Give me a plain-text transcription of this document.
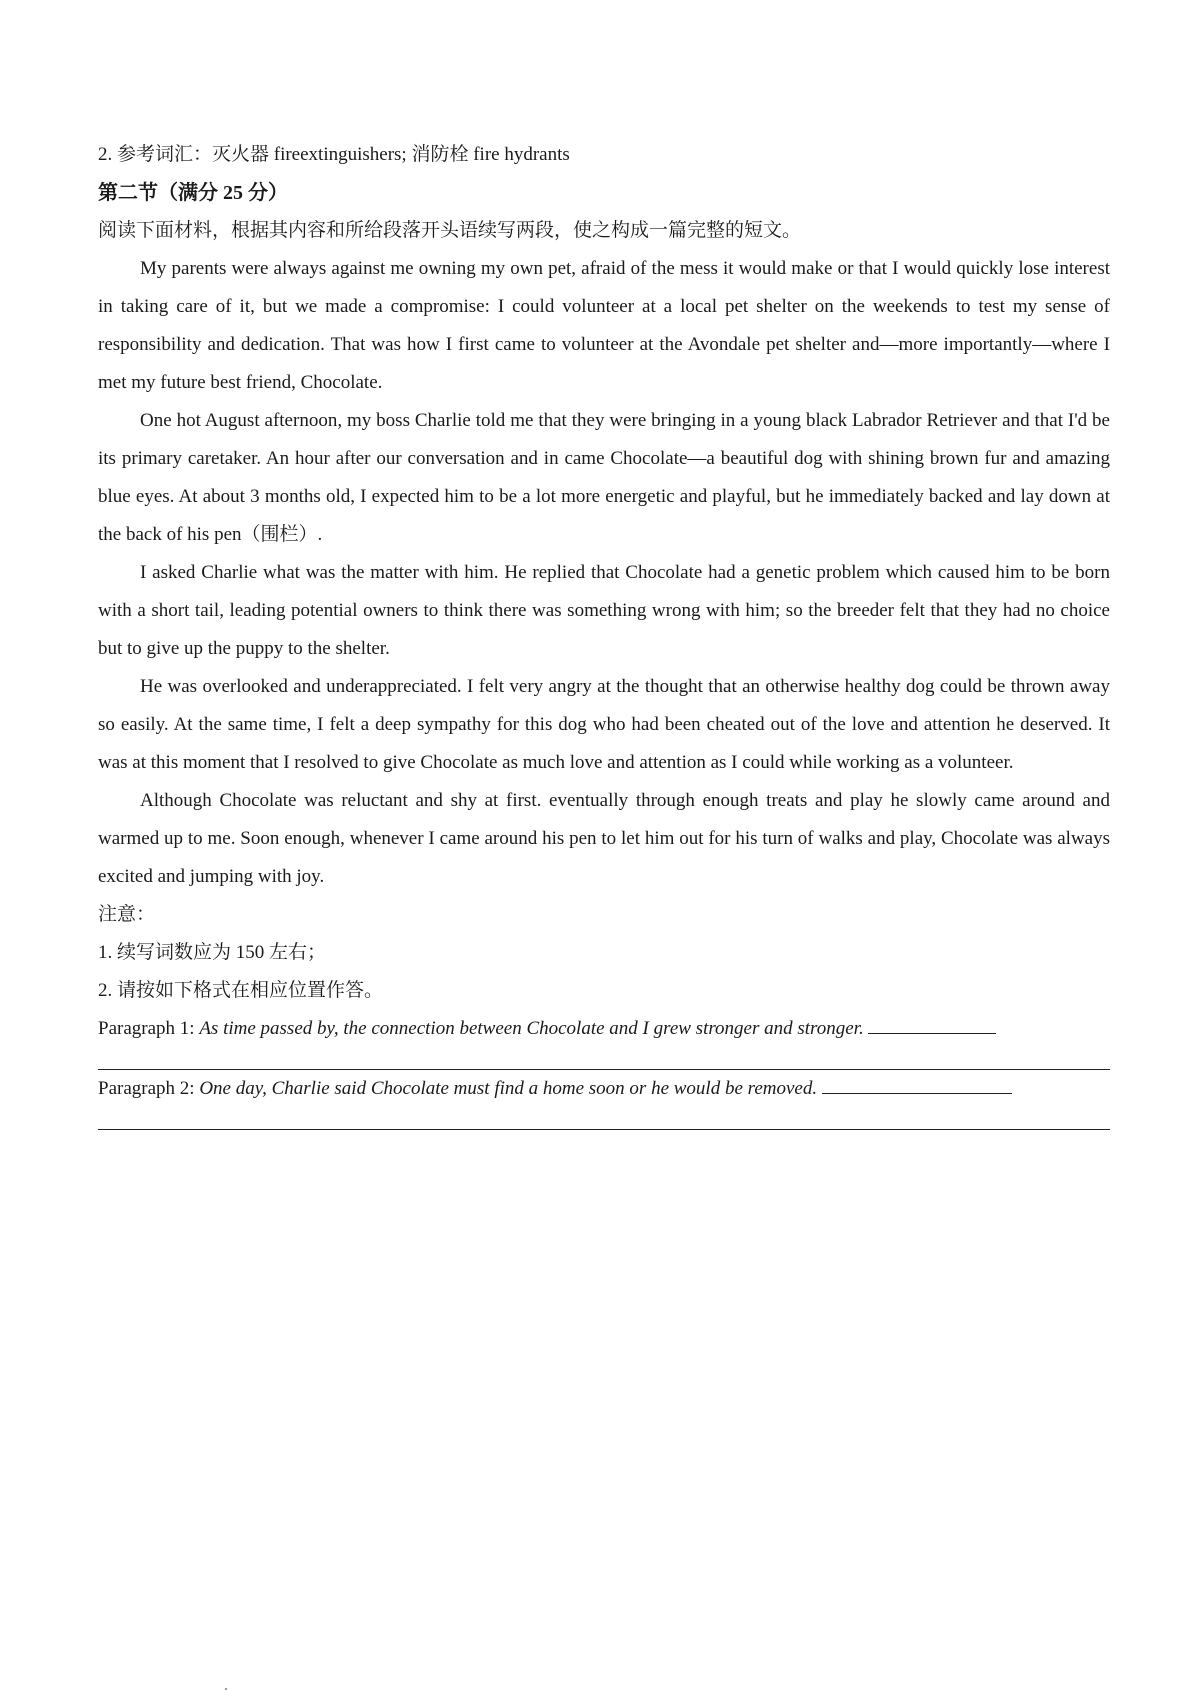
2. 参考词汇：灭火器 fireextinguishers; 消防栓 fire hydrants

第二节（满分 25 分）

阅读下面材料，根据其内容和所给段落开头语续写两段，使之构成一篇完整的短文。

My parents were always against me owning my own pet, afraid of the mess it would make or that I would quickly lose interest in taking care of it, but we made a compromise: I could volunteer at a local pet shelter on the weekends to test my sense of responsibility and dedication. That was how I first came to volunteer at the Avondale pet shelter and—more importantly—where I met my future best friend, Chocolate.

One hot August afternoon, my boss Charlie told me that they were bringing in a young black Labrador Retriever and that I'd be its primary caretaker. An hour after our conversation and in came Chocolate—a beautiful dog with shining brown fur and amazing blue eyes. At about 3 months old, I expected him to be a lot more energetic and playful, but he immediately backed and lay down at the back of his pen（围栏）.

I asked Charlie what was the matter with him. He replied that Chocolate had a genetic problem which caused him to be born with a short tail, leading potential owners to think there was something wrong with him; so the breeder felt that they had no choice but to give up the puppy to the shelter.

He was overlooked and underappreciated. I felt very angry at the thought that an otherwise healthy dog could be thrown away so easily. At the same time, I felt a deep sympathy for this dog who had been cheated out of the love and attention he deserved. It was at this moment that I resolved to give Chocolate as much love and attention as I could while working as a volunteer.

Although Chocolate was reluctant and shy at first. eventually through enough treats and play he slowly came around and warmed up to me. Soon enough, whenever I came around his pen to let him out for his turn of walks and play, Chocolate was always excited and jumping with joy.

注意：

1. 续写词数应为 150 左右；

2. 请按如下格式在相应位置作答。

Paragraph 1: As time passed by, the connection between Chocolate and I grew stronger and stronger.

Paragraph 2: One day, Charlie said Chocolate must find a home soon or he would be removed.
